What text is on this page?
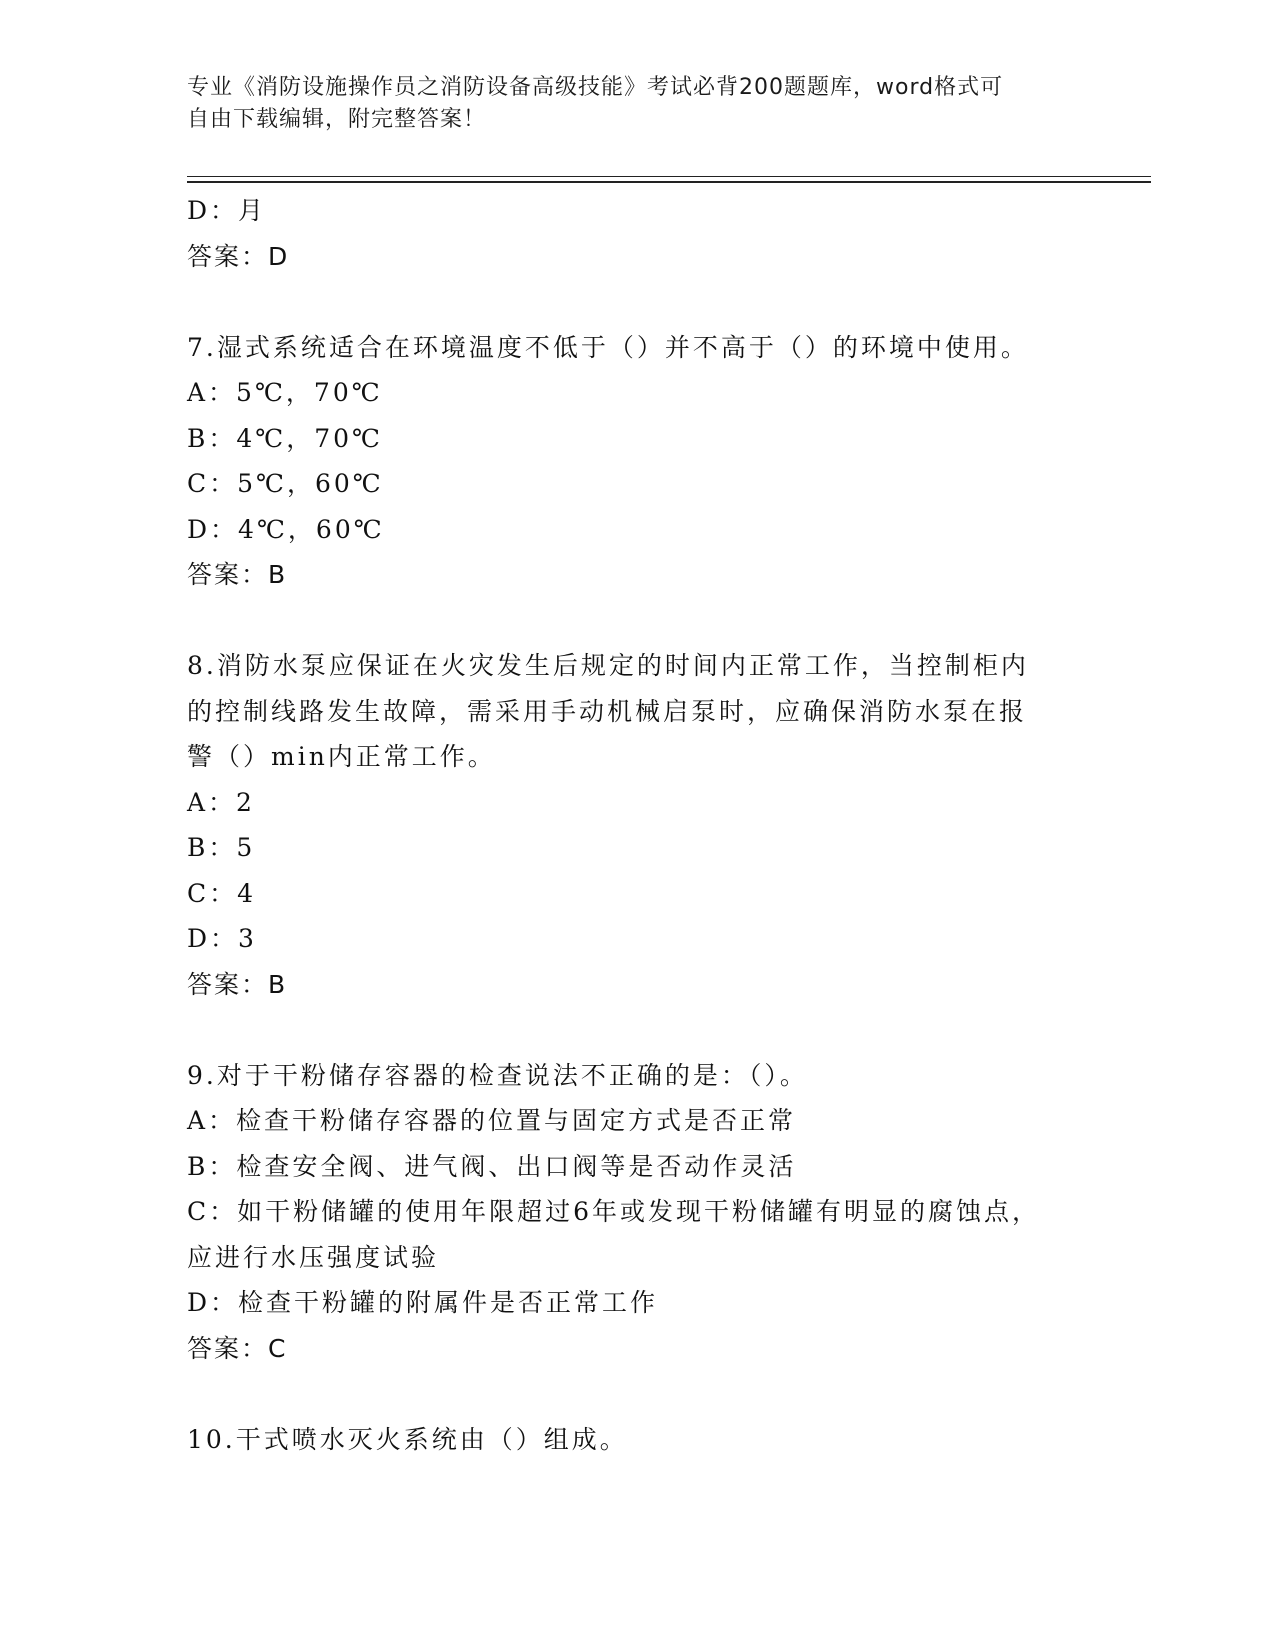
专业《消防设施操作员之消防设备高级技能》考试必背200题题库，word格式可
自由下载编辑，附完整答案！
D：月
答案：D
7.湿式系统适合在环境温度不低于（）并不高于（）的环境中使用。
A：5℃，70℃
B：4℃，70℃
C：5℃，60℃
D：4℃，60℃
答案：B
8.消防水泵应保证在火灾发生后规定的时间内正常工作，当控制柜内
的控制线路发生故障，需采用手动机械启泵时，应确保消防水泵在报
警（）min内正常工作。
A：2
B：5
C：4
D：3
答案：B
9.对于干粉储存容器的检查说法不正确的是：（）。
A：检查干粉储存容器的位置与固定方式是否正常
B：检查安全阀、进气阀、出口阀等是否动作灵活
C：如干粉储罐的使用年限超过6年或发现干粉储罐有明显的腐蚀点，
应进行水压强度试验
D：检查干粉罐的附属件是否正常工作
答案：C
10.干式喷水灭火系统由（）组成。
